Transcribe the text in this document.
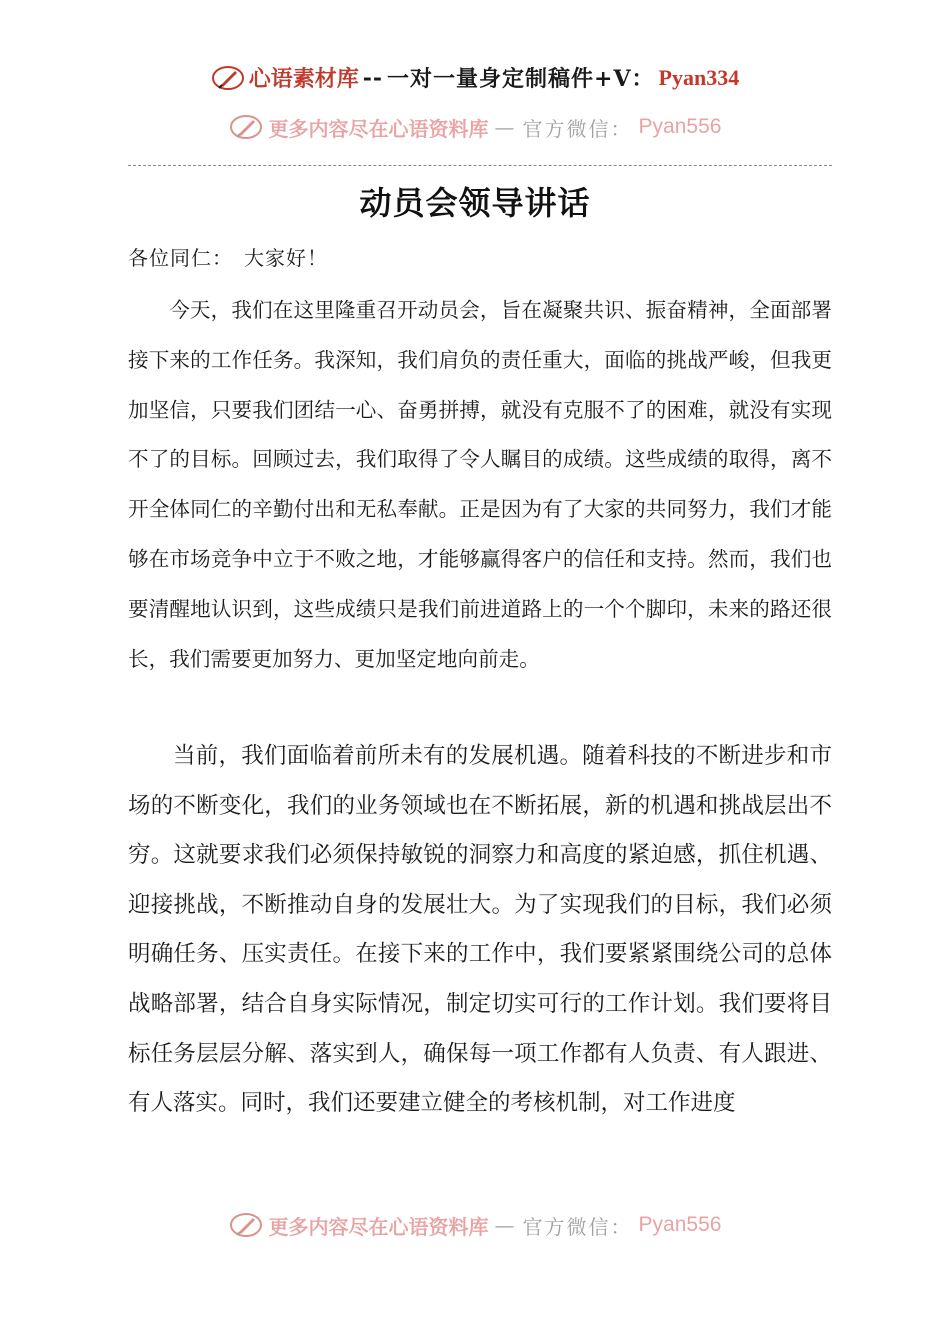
心语素材库 -- 一对一量身定制稿件+V： Pyan334
更多内容尽在心语资料库 — 官方微信： Pyan556
动员会领导讲话
各位同仁：　大家好！
今天，我们在这里隆重召开动员会，旨在凝聚共识、振奋精神，全面部署接下来的工作任务。我深知，我们肩负的责任重大，面临的挑战严峻，但我更加坚信，只要我们团结一心、奋勇拼搏，就没有克服不了的困难，就没有实现不了的目标。回顾过去，我们取得了令人瞩目的成绩。这些成绩的取得，离不开全体同仁的辛勤付出和无私奉献。正是因为有了大家的共同努力，我们才能够在市场竞争中立于不败之地，才能够赢得客户的信任和支持。然而，我们也要清醒地认识到，这些成绩只是我们前进道路上的一个个脚印，未来的路还很长，我们需要更加努力、更加坚定地向前走。
当前，我们面临着前所未有的发展机遇。随着科技的不断进步和市场的不断变化，我们的业务领域也在不断拓展，新的机遇和挑战层出不穷。这就要求我们必须保持敏锐的洞察力和高度的紧迫感，抓住机遇、迎接挑战，不断推动自身的发展壮大。为了实现我们的目标，我们必须明确任务、压实责任。在接下来的工作中，我们要紧紧围绕公司的总体战略部署，结合自身实际情况，制定切实可行的工作计划。我们要将目标任务层层分解、落实到人，确保每一项工作都有人负责、有人跟进、有人落实。同时，我们还要建立健全的考核机制，对工作进度
更多内容尽在心语资料库 — 官方微信： Pyan556
